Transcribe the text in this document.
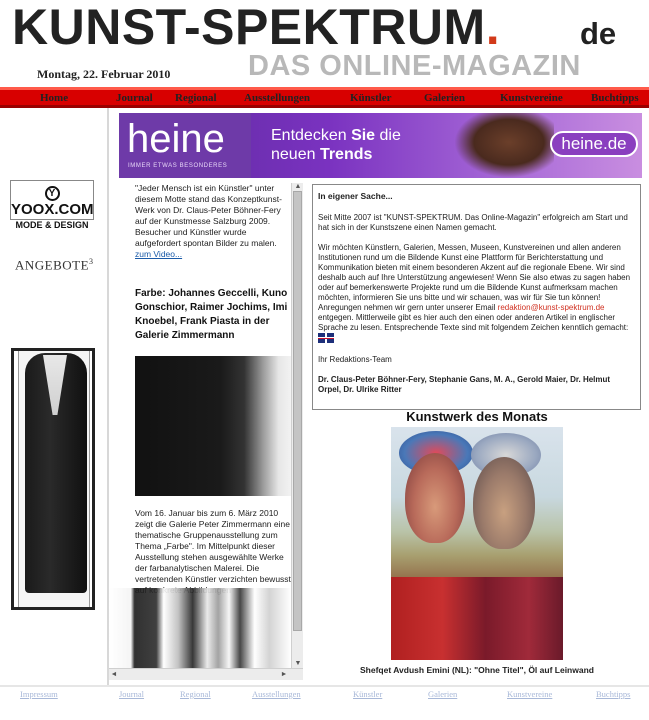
KUNST-SPEKTRUM.	de
DAS ONLINE-MAGAZIN
Montag, 22. Februar 2010
Home	Journal Regional Ausstellungen	Künstler	Galerien	Kunstvereine	Buchtipps
heine
IMMER ETWAS BESONDERES
Entdecken Sie die
neuen Trends
heine.de
Y YOOX.COM
MODE & DESIGN
ANGEBOTE$^3$
"Jeder Mensch ist ein Künstler" unter diesem Motte stand das Konzeptkunst-Werk von Dr. Claus-Peter Böhner-Fery auf der Kunstmesse Salzburg 2009. Besucher und Künstler wurde aufgefordert spontan Bilder zu malen. zum Video...
Farbe: Johannes Geccelli, Kuno Gonschior, Raimer Jochims, Imi Knoebel, Frank Piasta in der Galerie Zimmermann
Vom 16. Januar bis zum 6. März 2010 zeigt die Galerie Peter Zimmermann eine thematische Gruppenausstellung zum Thema „Farbe". Im Mittelpunkt dieser Ausstellung stehen ausgewählte Werke der farbanalytischen Malerei. Die vertretenden Künstler verzichten bewusst
▲
▼
◄	►
In eigener Sache...
Seit Mitte 2007 ist "KUNST-SPEKTRUM. Das Online-Magazin" erfolgreich am Start und hat sich in der Kunstszene einen Namen gemacht.
Wir möchten Künstlern, Galerien, Messen, Museen, Kunstvereinen und allen anderen Institutionen rund um die Bildende Kunst eine Plattform für Berichterstattung und Kommunikation bieten mit einem besonderen Akzent auf die regionale Ebene. Wir sind deshalb auch auf Ihre Unterstützung angewiesen! Wenn Sie also etwas zu sagen haben oder auf bemerkenswerte Projekte rund um die Bildende Kunst aufmerksam machen möchten, informieren Sie uns bitte und wir schauen, was wir für Sie tun können! Anregungen nehmen wir gern unter unserer Email redaktion@kunst-spektrum.de entgegen. Mittlerweile gibt es hier auch den einen oder anderen Artikel in englischer Sprache zu lesen. Entsprechende Texte sind mit folgendem Zeichen kenntlich gemacht:
Ihr Redaktions-Team
Dr. Claus-Peter Böhner-Fery, Stephanie Gans, M. A., Gerold Maier, Dr. Helmut Orpel, Dr. Ulrike Ritter
Kunstwerk des Monats
Shefqet Avdush Emini (NL): "Ohne Titel", Öl auf Leinwand
Impressum	Journal	Regional	Ausstellungen	Künstler	Galerien	Kunstvereine	Buchtipps
